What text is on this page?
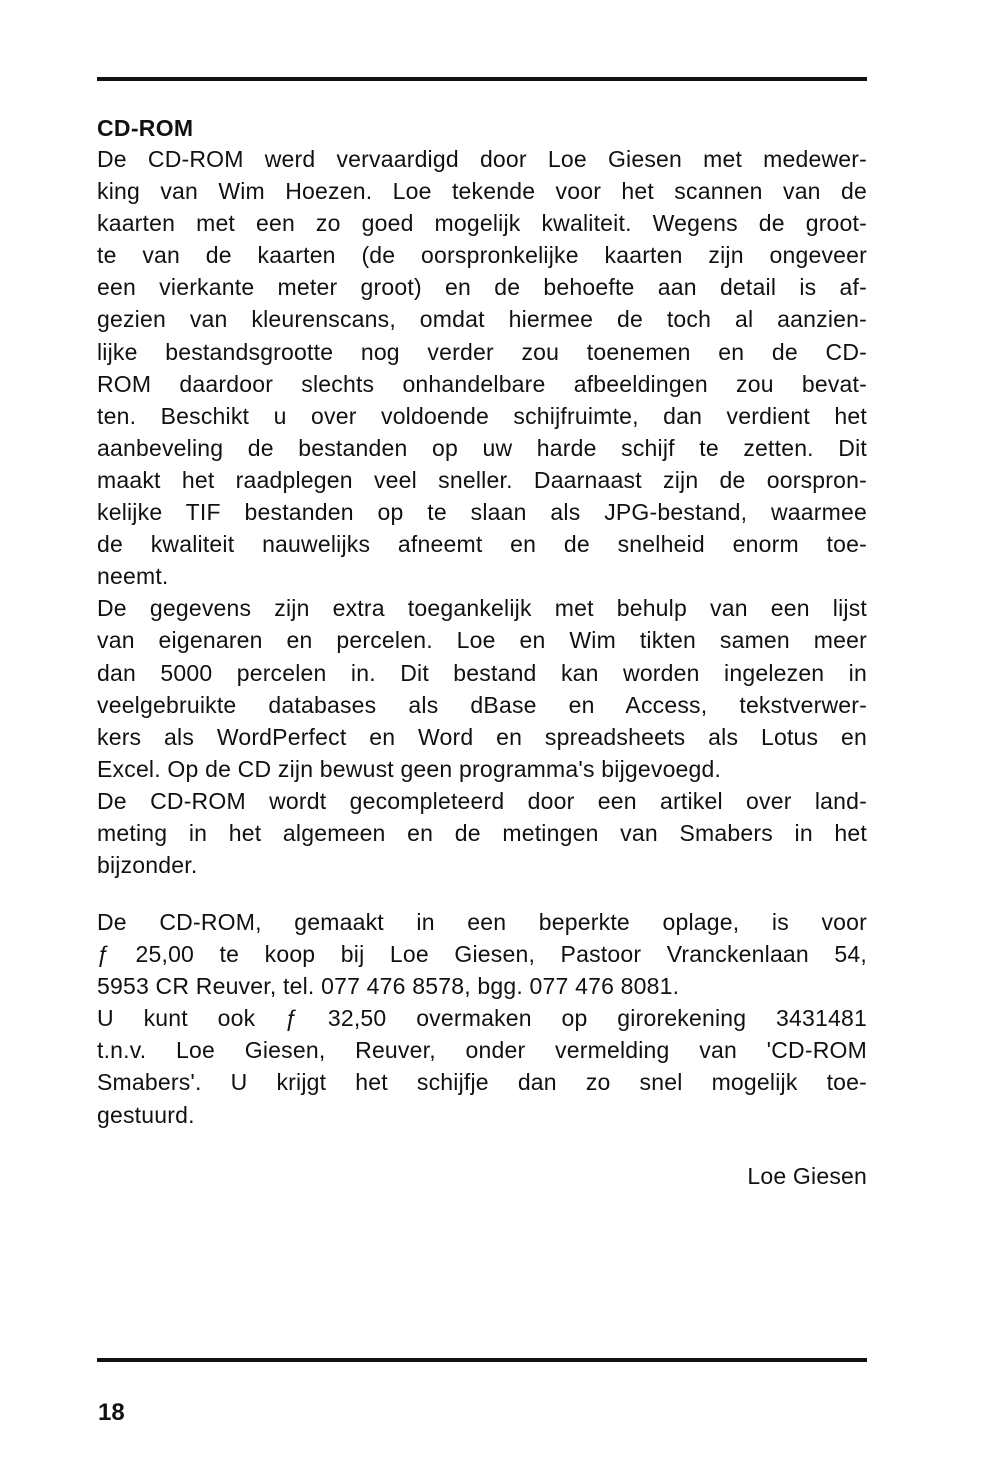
CD-ROM
De CD-ROM werd vervaardigd door Loe Giesen met medewer-
king van Wim Hoezen. Loe tekende voor het scannen van de
kaarten met een zo goed mogelijk kwaliteit. Wegens de groot-
te van de kaarten (de oorspronkelijke kaarten zijn ongeveer
een vierkante meter groot) en de behoefte aan detail is af-
gezien van kleurenscans, omdat hiermee de toch al aanzien-
lijke bestandsgrootte nog verder zou toenemen en de CD-
ROM daardoor slechts onhandelbare afbeeldingen zou bevat-
ten. Beschikt u over voldoende schijfruimte, dan verdient het
aanbeveling de bestanden op uw harde schijf te zetten. Dit
maakt het raadplegen veel sneller. Daarnaast zijn de oorspron-
kelijke TIF bestanden op te slaan als JPG-bestand, waarmee
de kwaliteit nauwelijks afneemt en de snelheid enorm toe-
neemt.
De gegevens zijn extra toegankelijk met behulp van een lijst
van eigenaren en percelen. Loe en Wim tikten samen meer
dan 5000 percelen in. Dit bestand kan worden ingelezen in
veelgebruikte databases als dBase en Access, tekstverwer-
kers als WordPerfect en Word en spreadsheets als Lotus en
Excel. Op de CD zijn bewust geen programma's bijgevoegd.
De CD-ROM wordt gecompleteerd door een artikel over land-
meting in het algemeen en de metingen van Smabers in het
bijzonder.
De CD-ROM, gemaakt in een beperkte oplage, is voor
ƒ 25,00 te koop bij Loe Giesen, Pastoor Vranckenlaan 54,
5953 CR Reuver, tel. 077 476 8578, bgg. 077 476 8081.
U kunt ook ƒ 32,50 overmaken op girorekening 3431481
t.n.v. Loe Giesen, Reuver, onder vermelding van 'CD-ROM
Smabers'. U krijgt het schijfje dan zo snel mogelijk toe-
gestuurd.
Loe Giesen
18
